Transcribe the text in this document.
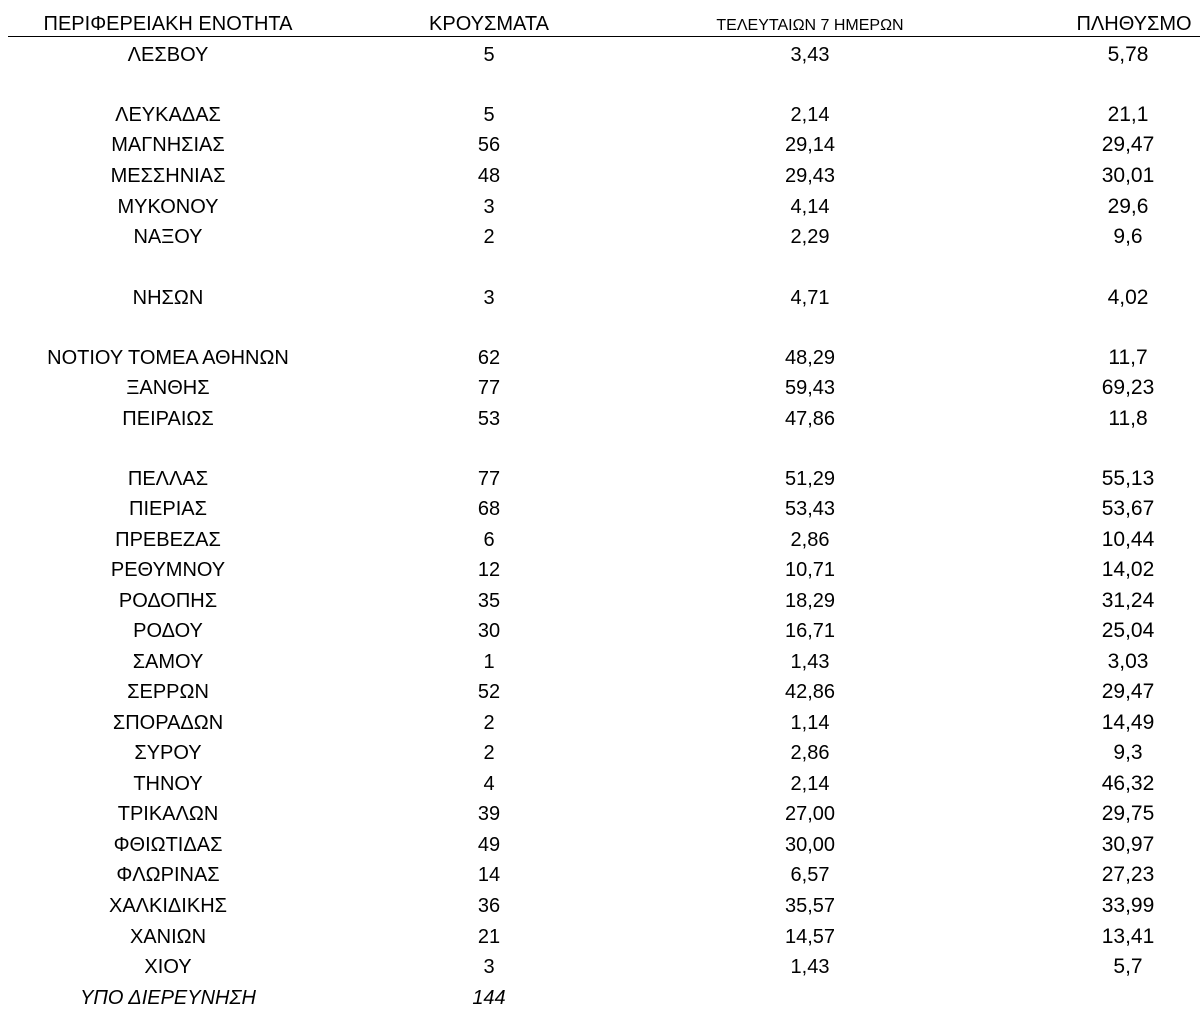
ΠΕΡΙΦΕΡΕΙΑΚΗ ΕΝΟΤΗΤΑ	ΚΡΟΥΣΜΑΤΑ	ΤΕΛΕΥΤΑΙΩΝ 7 ΗΜΕΡΩΝ	ΠΛΗΘΥΣΜΟ
ΛΕΣΒΟΥ	5	3,43	5,78
ΛΕΥΚΑΔΑΣ	5	2,14	21,1
ΜΑΓΝΗΣΙΑΣ	56	29,14	29,47
ΜΕΣΣΗΝΙΑΣ	48	29,43	30,01
ΜΥΚΟΝΟΥ	3	4,14	29,6
ΝΑΞΟΥ	2	2,29	9,6
ΝΗΣΩΝ	3	4,71	4,02
ΝΟΤΙΟΥ ΤΟΜΕΑ ΑΘΗΝΩΝ	62	48,29	11,7
ΞΑΝΘΗΣ	77	59,43	69,23
ΠΕΙΡΑΙΩΣ	53	47,86	11,8
ΠΕΛΛΑΣ	77	51,29	55,13
ΠΙΕΡΙΑΣ	68	53,43	53,67
ΠΡΕΒΕΖΑΣ	6	2,86	10,44
ΡΕΘΥΜΝΟΥ	12	10,71	14,02
ΡΟΔΟΠΗΣ	35	18,29	31,24
ΡΟΔΟΥ	30	16,71	25,04
ΣΑΜΟΥ	1	1,43	3,03
ΣΕΡΡΩΝ	52	42,86	29,47
ΣΠΟΡΑΔΩΝ	2	1,14	14,49
ΣΥΡΟΥ	2	2,86	9,3
ΤΗΝΟΥ	4	2,14	46,32
ΤΡΙΚΑΛΩΝ	39	27,00	29,75
ΦΘΙΩΤΙΔΑΣ	49	30,00	30,97
ΦΛΩΡΙΝΑΣ	14	6,57	27,23
ΧΑΛΚΙΔΙΚΗΣ	36	35,57	33,99
ΧΑΝΙΩΝ	21	14,57	13,41
ΧΙΟΥ	3	1,43	5,7
ΥΠΟ ΔΙΕΡΕΥΝΗΣΗ	144
